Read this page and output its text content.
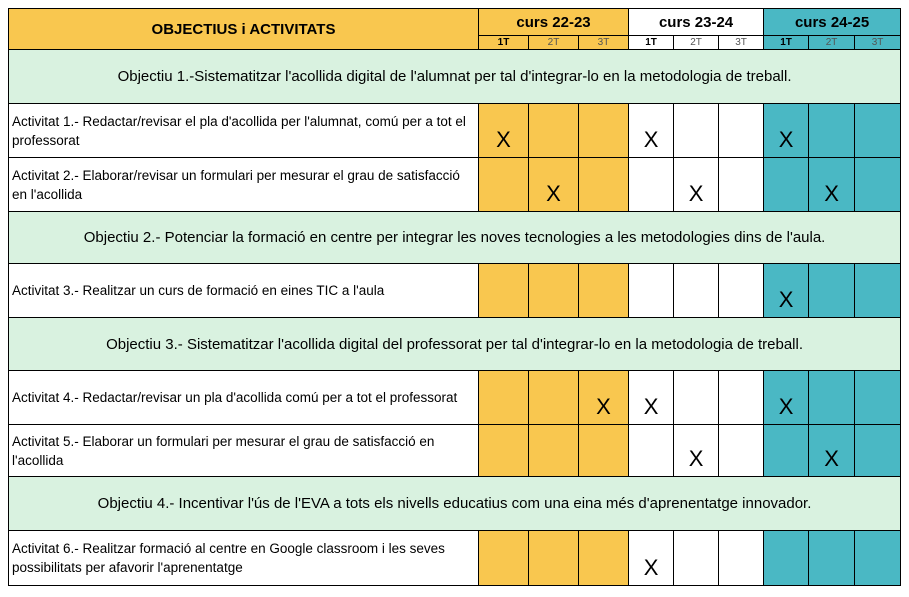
OBJECTIUS i ACTIVITATS	curs 22-23			curs 23-24			curs 24-25		
	1T	2T	3T	1T	2T	3T	1T	2T	3T
Objectiu 1.-Sistematitzar l'acollida digital de l'alumnat per tal d'integrar-lo en la metodologia de treball.									
Activitat 1.- Redactar/revisar el pla d'acollida per l'alumnat, comú per a tot el professorat	X			X			X		
Activitat 2.- Elaborar/revisar un formulari per mesurar el grau de satisfacció en l'acollida		X			X			X	
Objectiu 2.- Potenciar la formació en centre per integrar les noves tecnologies a les metodologies dins de l'aula.									
Activitat 3.- Realitzar un curs de formació en eines TIC a l'aula							X		
Objectiu 3.- Sistematitzar l'acollida digital del professorat per tal d'integrar-lo en la metodologia de treball.									
Activitat 4.- Redactar/revisar un pla d'acollida comú per a tot el professorat			X	X			X		
Activitat 5.- Elaborar un formulari per mesurar el grau de satisfacció en l'acollida					X			X	
Objectiu 4.- Incentivar l'ús de l'EVA a tots els nivells educatius com una eina més d'aprenentatge innovador.									
Activitat 6.- Realitzar formació al centre en Google classroom i les seves possibilitats per afavorir l'aprenentatge				X					
